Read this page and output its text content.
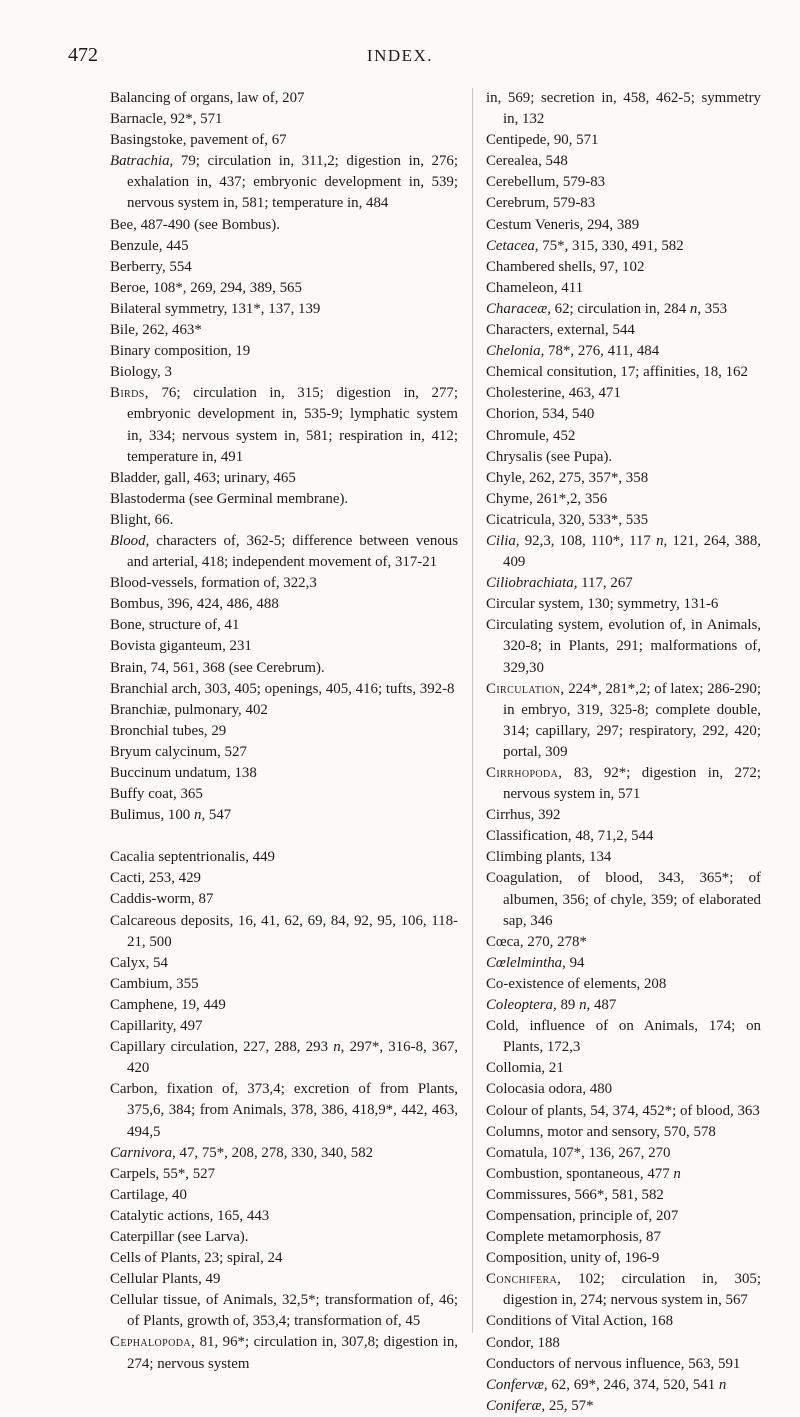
472	INDEX.

Balancing of organs, law of, 207

Barnacle, 92*, 571

Basingstoke, pavement of, 67

Batrachia, 79; circulation in, 311,2; digestion in, 276; exhalation in, 437; embryonic development in, 539; nervous system in, 581; temperature in, 484

Bee, 487-490 (see Bombus).

Benzule, 445

Berberry, 554

Beroe, 108*, 269, 294, 389, 565

Bilateral symmetry, 131*, 137, 139

Bile, 262, 463*

Binary composition, 19

Biology, 3

Birds, 76; circulation in, 315; digestion in, 277; embryonic development in, 535-9; lymphatic system in, 334; nervous system in, 581; respiration in, 412; temperature in, 491

Bladder, gall, 463; urinary, 465

Blastoderma (see Germinal membrane).

Blight, 66.

Blood, characters of, 362-5; difference between venous and arterial, 418; independent movement of, 317-21

Blood-vessels, formation of, 322,3

Bombus, 396, 424, 486, 488

Bone, structure of, 41

Bovista giganteum, 231

Brain, 74, 561, 368 (see Cerebrum).

Branchial arch, 303, 405; openings, 405, 416; tufts, 392-8

Branchiæ, pulmonary, 402

Bronchial tubes, 29

Bryum calycinum, 527

Buccinum undatum, 138

Buffy coat, 365

Bulimus, 100 n, 547

Cacalia septentrionalis, 449

Cacti, 253, 429

Caddis-worm, 87

Calcareous deposits, 16, 41, 62, 69, 84, 92, 95, 106, 118-21, 500

Calyx, 54

Cambium, 355

Camphene, 19, 449

Capillarity, 497

Capillary circulation, 227, 288, 293 n, 297*, 316-8, 367, 420

Carbon, fixation of, 373,4; excretion of from Plants, 375,6, 384; from Animals, 378, 386, 418,9*, 442, 463, 494,5

Carnivora, 47, 75*, 208, 278, 330, 340, 582

Carpels, 55*, 527

Cartilage, 40

Catalytic actions, 165, 443

Caterpillar (see Larva).

Cells of Plants, 23; spiral, 24

Cellular Plants, 49

Cellular tissue, of Animals, 32,5*; transformation of, 46; of Plants, growth of, 353,4; transformation of, 45

Cephalopoda, 81, 96*; circulation in, 307,8; digestion in, 274; nervous system

in, 569; secretion in, 458, 462-5; symmetry in, 132

Centipede, 90, 571

Cerealea, 548

Cerebellum, 579-83

Cerebrum, 579-83

Cestum Veneris, 294, 389

Cetacea, 75*, 315, 330, 491, 582

Chambered shells, 97, 102

Chameleon, 411

Characeæ, 62; circulation in, 284 n, 353

Characters, external, 544

Chelonia, 78*, 276, 411, 484

Chemical consitution, 17; affinities, 18, 162

Cholesterine, 463, 471

Chorion, 534, 540

Chromule, 452

Chrysalis (see Pupa).

Chyle, 262, 275, 357*, 358

Chyme, 261*,2, 356

Cicatricula, 320, 533*, 535

Cilia, 92,3, 108, 110*, 117 n, 121, 264, 388, 409

Ciliobrachiata, 117, 267

Circular system, 130; symmetry, 131-6

Circulating system, evolution of, in Animals, 320-8; in Plants, 291; malformations of, 329,30

Circulation, 224*, 281*,2; of latex; 286-290; in embryo, 319, 325-8; complete double, 314; capillary, 297; respiratory, 292, 420; portal, 309

Cirrhopoda, 83, 92*; digestion in, 272; nervous system in, 571

Cirrhus, 392

Classification, 48, 71,2, 544

Climbing plants, 134

Coagulation, of blood, 343, 365*; of albumen, 356; of chyle, 359; of elaborated sap, 346

Cœca, 270, 278*

Cœlelmintha, 94

Co-existence of elements, 208

Coleoptera, 89 n, 487

Cold, influence of on Animals, 174; on Plants, 172,3

Collomia, 21

Colocasia odora, 480

Colour of plants, 54, 374, 452*; of blood, 363

Columns, motor and sensory, 570, 578

Comatula, 107*, 136, 267, 270

Combustion, spontaneous, 477 n

Commissures, 566*, 581, 582

Compensation, principle of, 207

Complete metamorphosis, 87

Composition, unity of, 196-9

Conchifera, 102; circulation in, 305; digestion in, 274; nervous system in, 567

Conditions of Vital Action, 168

Condor, 188

Conductors of nervous influence, 563, 591

Confervæ, 62, 69*, 246, 374, 520, 541 n

Coniferæ, 25, 57*
